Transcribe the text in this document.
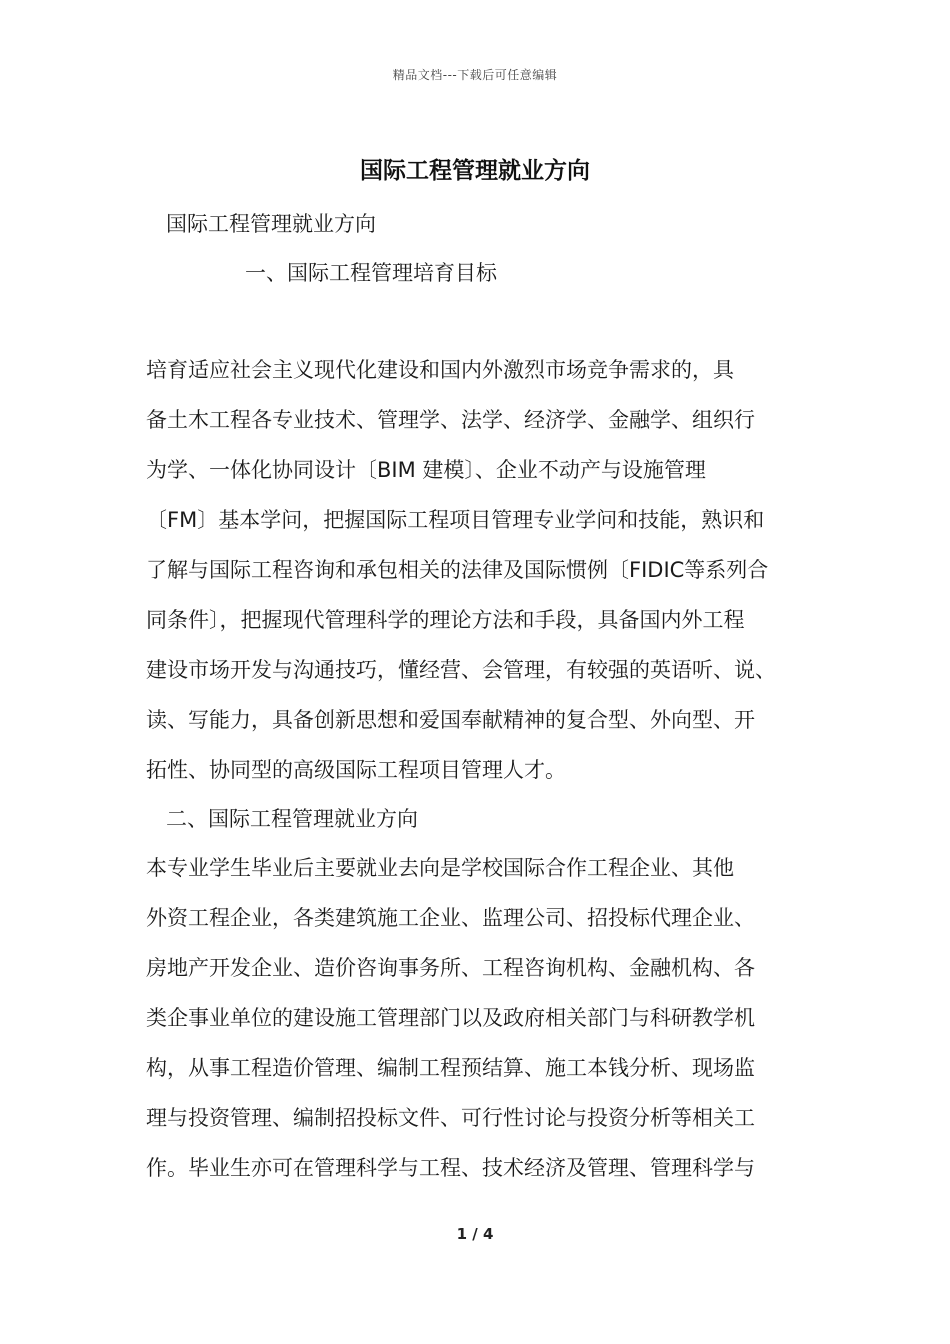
精品文档---下载后可任意编辑
国际工程管理就业方向
国际工程管理就业方向
一、国际工程管理培育目标
培育适应社会主义现代化建设和国内外激烈市场竞争需求的，具
备土木工程各专业技术、管理学、法学、经济学、金融学、组织行
为学、一体化协同设计〔BIM 建模〕、企业不动产与设施管理
〔FM〕基本学问，把握国际工程项目管理专业学问和技能，熟识和
了解与国际工程咨询和承包相关的法律及国际惯例〔FIDIC等系列合
同条件〕，把握现代管理科学的理论方法和手段，具备国内外工程
建设市场开发与沟通技巧，懂经营、会管理，有较强的英语听、说、
读、写能力，具备创新思想和爱国奉献精神的复合型、外向型、开
拓性、协同型的高级国际工程项目管理人才。
二、国际工程管理就业方向
本专业学生毕业后主要就业去向是学校国际合作工程企业、其他
外资工程企业，各类建筑施工企业、监理公司、招投标代理企业、
房地产开发企业、造价咨询事务所、工程咨询机构、金融机构、各
类企事业单位的建设施工管理部门以及政府相关部门与科研教学机
构，从事工程造价管理、编制工程预结算、施工本钱分析、现场监
理与投资管理、编制招投标文件、可行性讨论与投资分析等相关工
作。毕业生亦可在管理科学与工程、技术经济及管理、管理科学与
1 / 4
